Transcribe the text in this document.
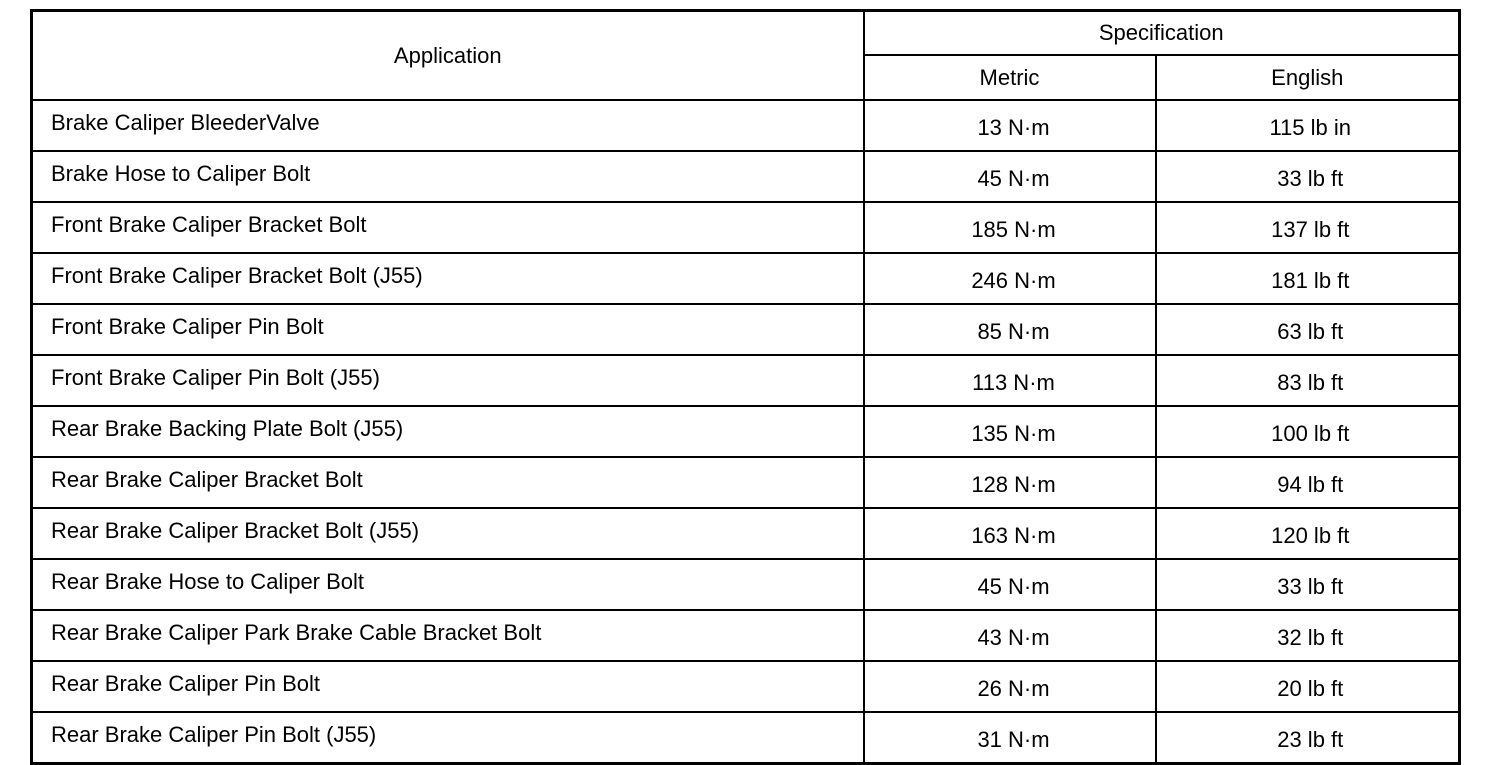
Application	Specification	
	Metric	English
Brake Caliper BleederValve	13 N·m	115 lb in
Brake Hose to Caliper Bolt	45 N·m	33 lb ft
Front Brake Caliper Bracket Bolt	185 N·m	137 lb ft
Front Brake Caliper Bracket Bolt (J55)	246 N·m	181 lb ft
Front Brake Caliper Pin Bolt	85 N·m	63 lb ft
Front Brake Caliper Pin Bolt (J55)	113 N·m	83 lb ft
Rear Brake Backing Plate Bolt (J55)	135 N·m	100 lb ft
Rear Brake Caliper Bracket Bolt	128 N·m	94 lb ft
Rear Brake Caliper Bracket Bolt (J55)	163 N·m	120 lb ft
Rear Brake Hose to Caliper Bolt	45 N·m	33 lb ft
Rear Brake Caliper Park Brake Cable Bracket Bolt	43 N·m	32 lb ft
Rear Brake Caliper Pin Bolt	26 N·m	20 lb ft
Rear Brake Caliper Pin Bolt (J55)	31 N·m	23 lb ft
